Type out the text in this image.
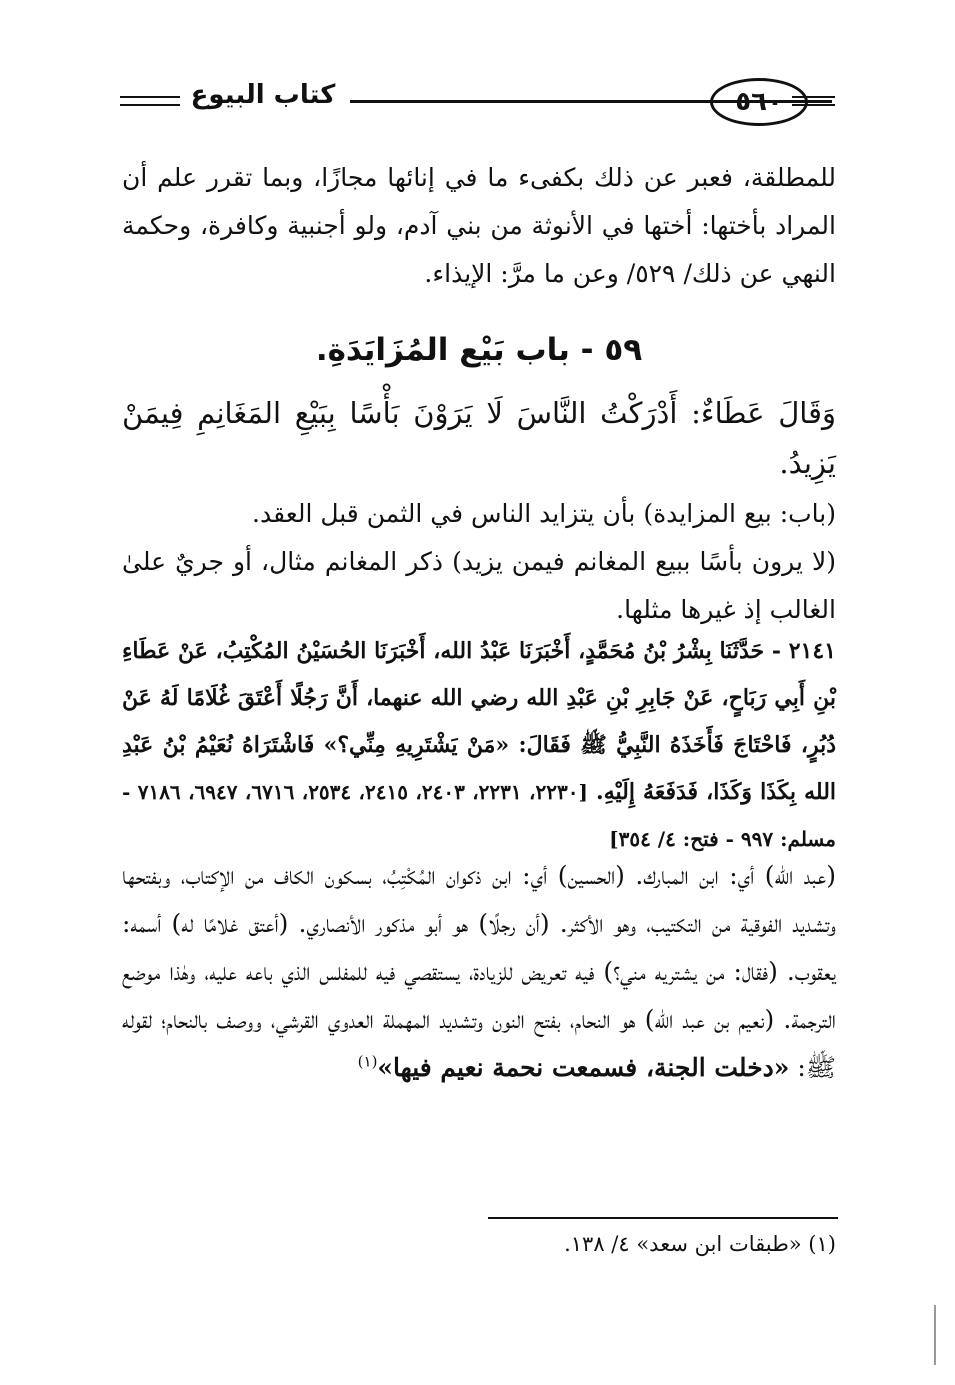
كتاب البيوع	٥٦٠
للمطلقة، فعبر عن ذلك بكفىء ما في إنائها مجازًا، وبما تقرر علم أن المراد بأختها: أختها في الأنوثة من بني آدم، ولو أجنبية وكافرة، وحكمة النهي عن ذلك/ ٥٢٩/ وعن ما مرَّ: الإيذاء.
٥٩ - باب بَيْع المُزَايَدَةِ.
وَقَالَ عَطَاءٌ: أَدْرَكْتُ النَّاسَ لَا يَرَوْنَ بَأْسًا بِبَيْعِ المَغَانِمِ فِيمَنْ يَزِيدُ.
(باب: بيع المزايدة) بأن يتزايد الناس في الثمن قبل العقد.
(لا يرون بأسًا ببيع المغانم فيمن يزيد) ذكر المغانم مثال، أو جريٌ علىٰ الغالب إذ غيرها مثلها.
٢١٤١ - حَدَّثَنَا بِشْرُ بْنُ مُحَمَّدٍ، أَخْبَرَنَا عَبْدُ الله، أَخْبَرَنَا الحُسَيْنُ المُكْتِبُ، عَنْ عَطَاءِ بْنِ أَبِي رَبَاحٍ، عَنْ جَابِرِ بْنِ عَبْدِ الله رضي الله عنهما، أَنَّ رَجُلًا أَعْتَقَ غُلَامًا لَهُ عَنْ دُبُرٍ، فَاحْتَاجَ فَأَخَذَهُ النَّبِيُّ ﷺ فَقَالَ: «مَنْ يَشْتَرِيهِ مِنِّي؟» فَاشْتَرَاهُ نُعَيْمُ بْنُ عَبْدِ الله بِكَذَا وَكَذَا، فَدَفَعَهُ إِلَيْهِ. [٢٢٣٠، ٢٢٣١، ٢٤٠٣، ٢٤١٥، ٢٥٣٤، ٦٧١٦، ٦٩٤٧، ٧١٨٦ - مسلم: ٩٩٧ - فتح: ٤/ ٣٥٤]
(عبد الله) أي: ابن المبارك. (الحسين) أي: ابن ذكوان المُكْتِبُ، بسكون الكاف من الإكتاب، وبفتحها وتشديد الفوقية من التكتيب، وهو الأكثر. (أن رجلًا) هو أبو مذكور الأنصاري. (أعتق غلامًا له) أسمه: يعقوب. (فقال: من يشتريه مني؟) فيه تعريض للزيادة، يستقصي فيه للمفلس الذي باعه عليه، وهٰذا موضع الترجمة. (نعيم بن عبد الله) هو النحام، بفتح النون وتشديد المهملة العدوي القرشي، ووصف بالنحام؛ لقوله ﷺ: «دخلت الجنة، فسمعت نحمة نعيم فيها»$^{(١)}$
(١) «طبقات ابن سعد» ٤/ ١٣٨.
